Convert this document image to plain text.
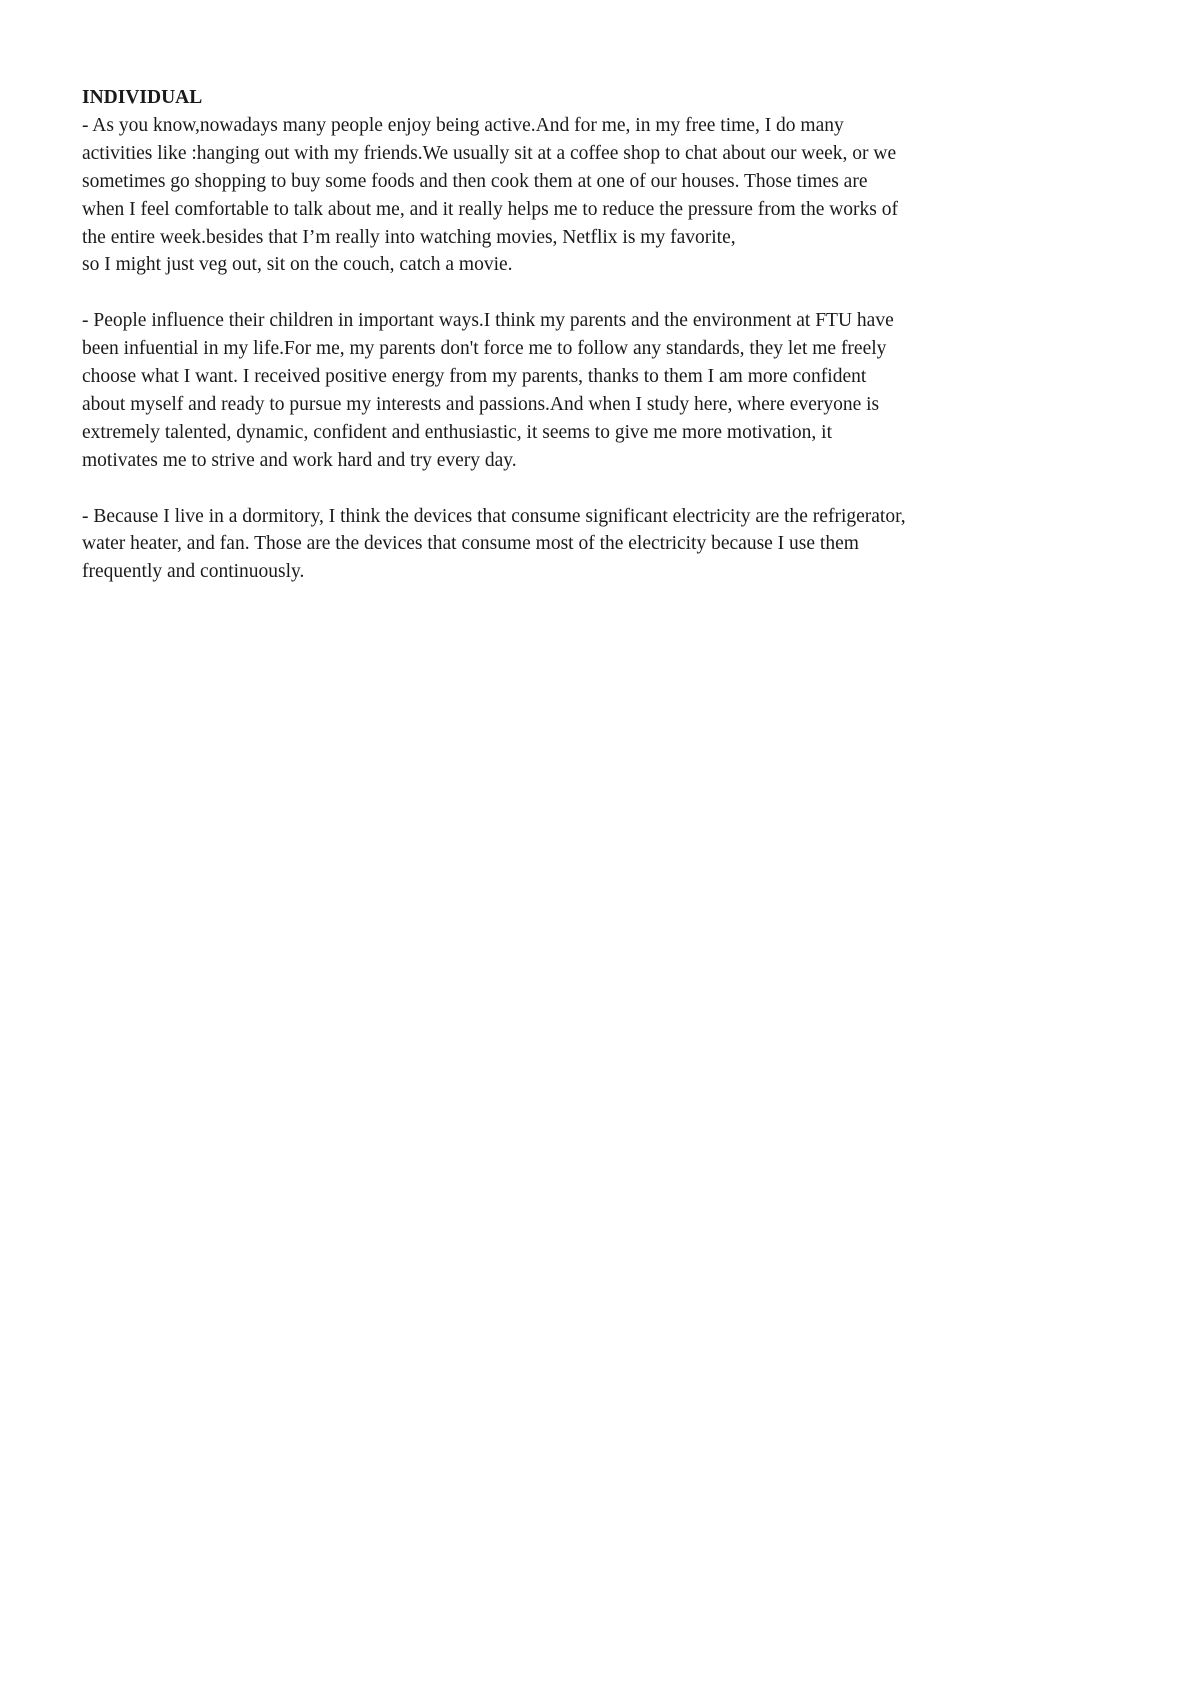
INDIVIDUAL

- As you know,nowadays many people enjoy being active.And for me, in my free time, I do many
activities like :hanging out with my friends.We usually sit at a coffee shop to chat about our week, or we
sometimes go shopping to buy some foods and then cook them at one of our houses. Those times are
when I feel comfortable to talk about me, and it really helps me to reduce the pressure from the works of
the entire week.besides that I’m really into watching movies, Netflix is my favorite,
so I might just veg out, sit on the couch, catch a movie.

- People influence their children in important ways.I think my parents and the environment at FTU have
been infuential in my life.For me, my parents don't force me to follow any standards, they let me freely
choose what I want. I received positive energy from my parents, thanks to them I am more confident
about myself and ready to pursue my interests and passions.And when I study here, where everyone is
extremely talented, dynamic, confident and enthusiastic, it seems to give me more motivation, it
motivates me to strive and work hard and try every day.

- Because I live in a dormitory, I think the devices that consume significant electricity are the refrigerator,
water heater, and fan. Those are the devices that consume most of the electricity because I use them
frequently and continuously.
